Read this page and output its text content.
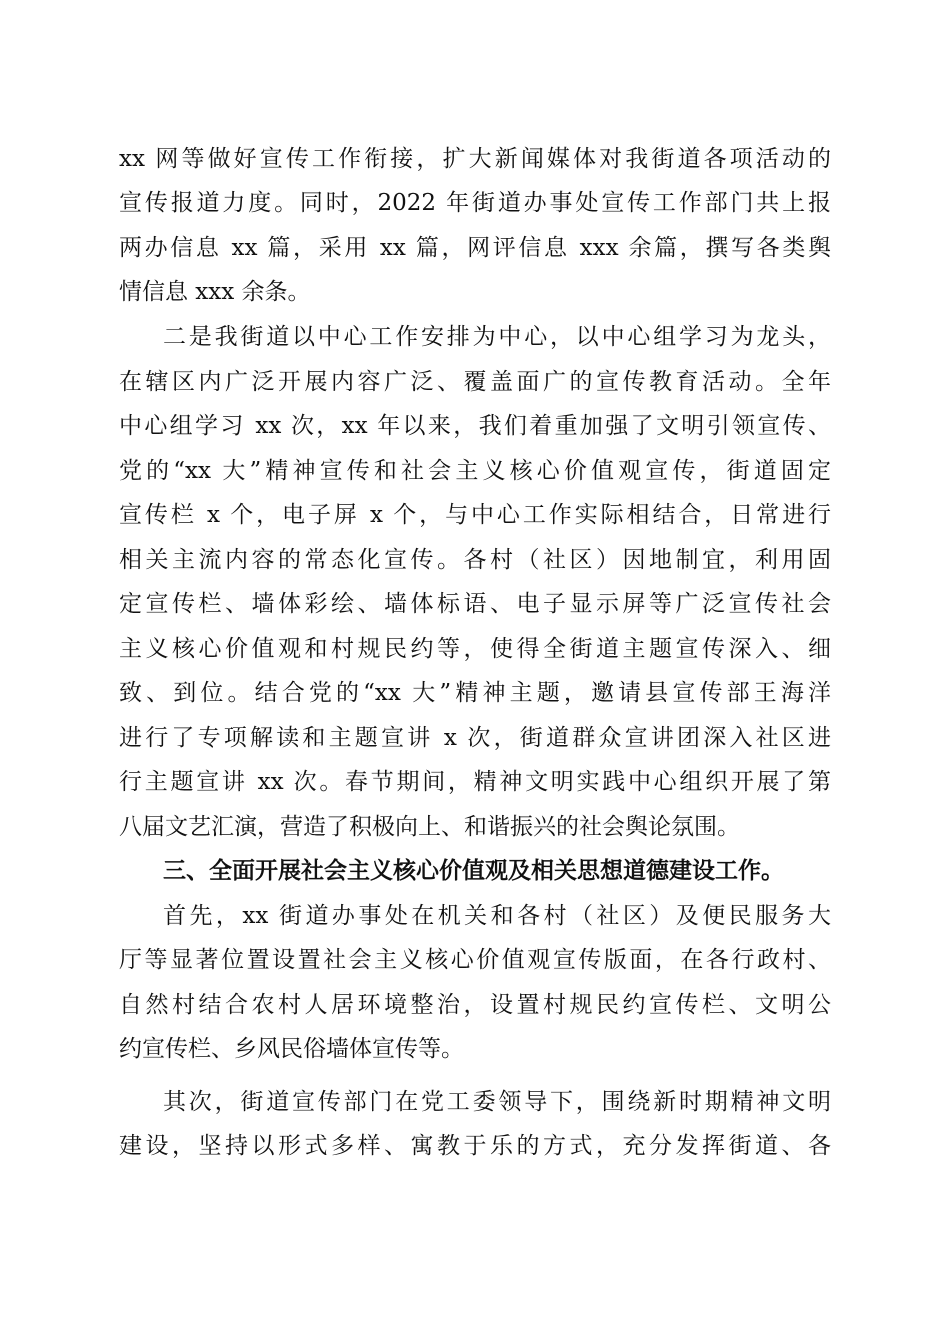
xx 网等做好宣传工作衔接，扩大新闻媒体对我街道各项活动的
宣传报道力度。同时，2022 年街道办事处宣传工作部门共上报
两办信息 xx 篇，采用 xx 篇，网评信息 xxx 余篇，撰写各类舆
情信息 xxx 余条。
二是我街道以中心工作安排为中心，以中心组学习为龙头，
在辖区内广泛开展内容广泛、覆盖面广的宣传教育活动。全年
中心组学习 xx 次，xx 年以来，我们着重加强了文明引领宣传、
党的“xx 大”精神宣传和社会主义核心价值观宣传，街道固定
宣传栏 x 个，电子屏 x 个，与中心工作实际相结合，日常进行
相关主流内容的常态化宣传。各村（社区）因地制宜，利用固
定宣传栏、墙体彩绘、墙体标语、电子显示屏等广泛宣传社会
主义核心价值观和村规民约等，使得全街道主题宣传深入、细
致、到位。结合党的“xx 大”精神主题，邀请县宣传部王海洋
进行了专项解读和主题宣讲 x 次，街道群众宣讲团深入社区进
行主题宣讲 xx 次。春节期间，精神文明实践中心组织开展了第
八届文艺汇演，营造了积极向上、和谐振兴的社会舆论氛围。
三、全面开展社会主义核心价值观及相关思想道德建设工作。
首先，xx 街道办事处在机关和各村（社区）及便民服务大
厅等显著位置设置社会主义核心价值观宣传版面，在各行政村、
自然村结合农村人居环境整治，设置村规民约宣传栏、文明公
约宣传栏、乡风民俗墙体宣传等。
其次，街道宣传部门在党工委领导下，围绕新时期精神文明
建设，坚持以形式多样、寓教于乐的方式，充分发挥街道、各
